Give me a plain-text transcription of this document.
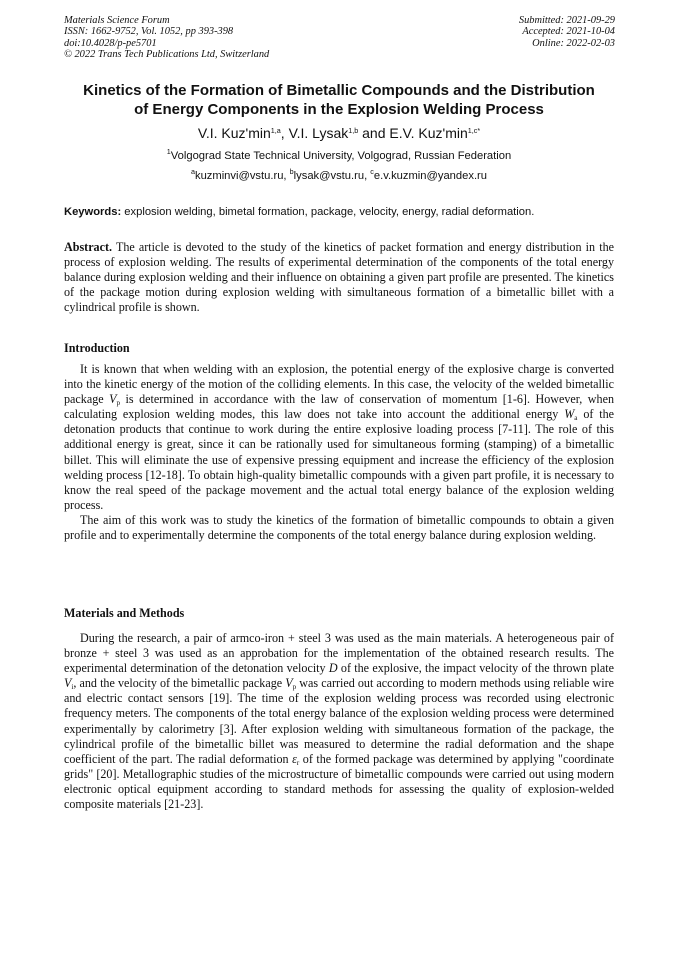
Materials Science Forum
ISSN: 1662-9752, Vol. 1052, pp 393-398
doi:10.4028/p-pe5701
© 2022 Trans Tech Publications Ltd, Switzerland
Submitted: 2021-09-29
Accepted: 2021-10-04
Online: 2022-02-03
Kinetics of the Formation of Bimetallic Compounds and the Distribution
of Energy Components in the Explosion Welding Process
V.I. $Kuz'\min^{1,a}$, V.I. Lysak$^{1,b}$ and E.V. $Kuz'\min^{1,c*}$
$^1$Volgograd State Technical University, Volgograd, Russian Federation
$^a$kuzminvi@vstu.ru, $^b$lysak@vstu.ru, $^c$e.v.kuzmin@yandex.ru
Keywords: explosion welding, bimetal formation, package, velocity, energy, radial deformation.
Abstract. The article is devoted to the study of the kinetics of packet formation and energy distribution in the process of explosion welding. The results of experimental determination of the components of the total energy balance during explosion welding and their influence on obtaining a given part profile are presented. The kinetics of the package motion during explosion welding with simultaneous formation of a bimetallic billet with a cylindrical profile is shown.
Introduction

It is known that when welding with an explosion, the potential energy of the explosive charge is converted into the kinetic energy of the motion of the colliding elements. In this case, the velocity of the welded bimetallic package $V_p$ is determined in accordance with the law of conservation of momentum [1-6]. However, when calculating explosion welding modes, this law does not take into account the additional energy $W_a$ of the detonation products that continue to work during the entire explosive loading process [7-11]. The role of this additional energy is great, since it can be rationally used for simultaneous forming (stamping) of a bimetallic billet. This will eliminate the use of expensive pressing equipment and increase the efficiency of the explosion welding process [12-18]. To obtain high-quality bimetallic compounds with a given part profile, it is necessary to know the real speed of the package movement and the actual total energy balance of the explosion welding process.

The aim of this work was to study the kinetics of the formation of bimetallic compounds to obtain a given profile and to experimentally determine the components of the total energy balance during explosion welding.

Materials and Methods

During the research, a pair of armco-iron + steel 3 was used as the main materials. A heterogeneous pair of bronze + steel 3 was used as an approbation for the implementation of the obtained research results. The experimental determination of the detonation velocity D of the explosive, the impact velocity of the thrown plate $V_i$, and the velocity of the bimetallic package $V_p$ was carried out according to modern methods using reliable wire and electric contact sensors [19]. The time of the explosion welding process was recorded using electronic frequency meters. The components of the total energy balance of the explosion welding process were determined experimentally by calorimetry [3]. After explosion welding with simultaneous formation of the package, the cylindrical profile of the bimetallic billet was measured to determine the radial deformation and the shape coefficient of the part. The radial deformation $\varepsilon_r$ of the formed package was determined by applying "coordinate grids" [20]. Metallographic studies of the microstructure of bimetallic compounds were carried out using modern electronic optical equipment according to standard methods for assessing the quality of explosion-welded composite materials [21-23].
